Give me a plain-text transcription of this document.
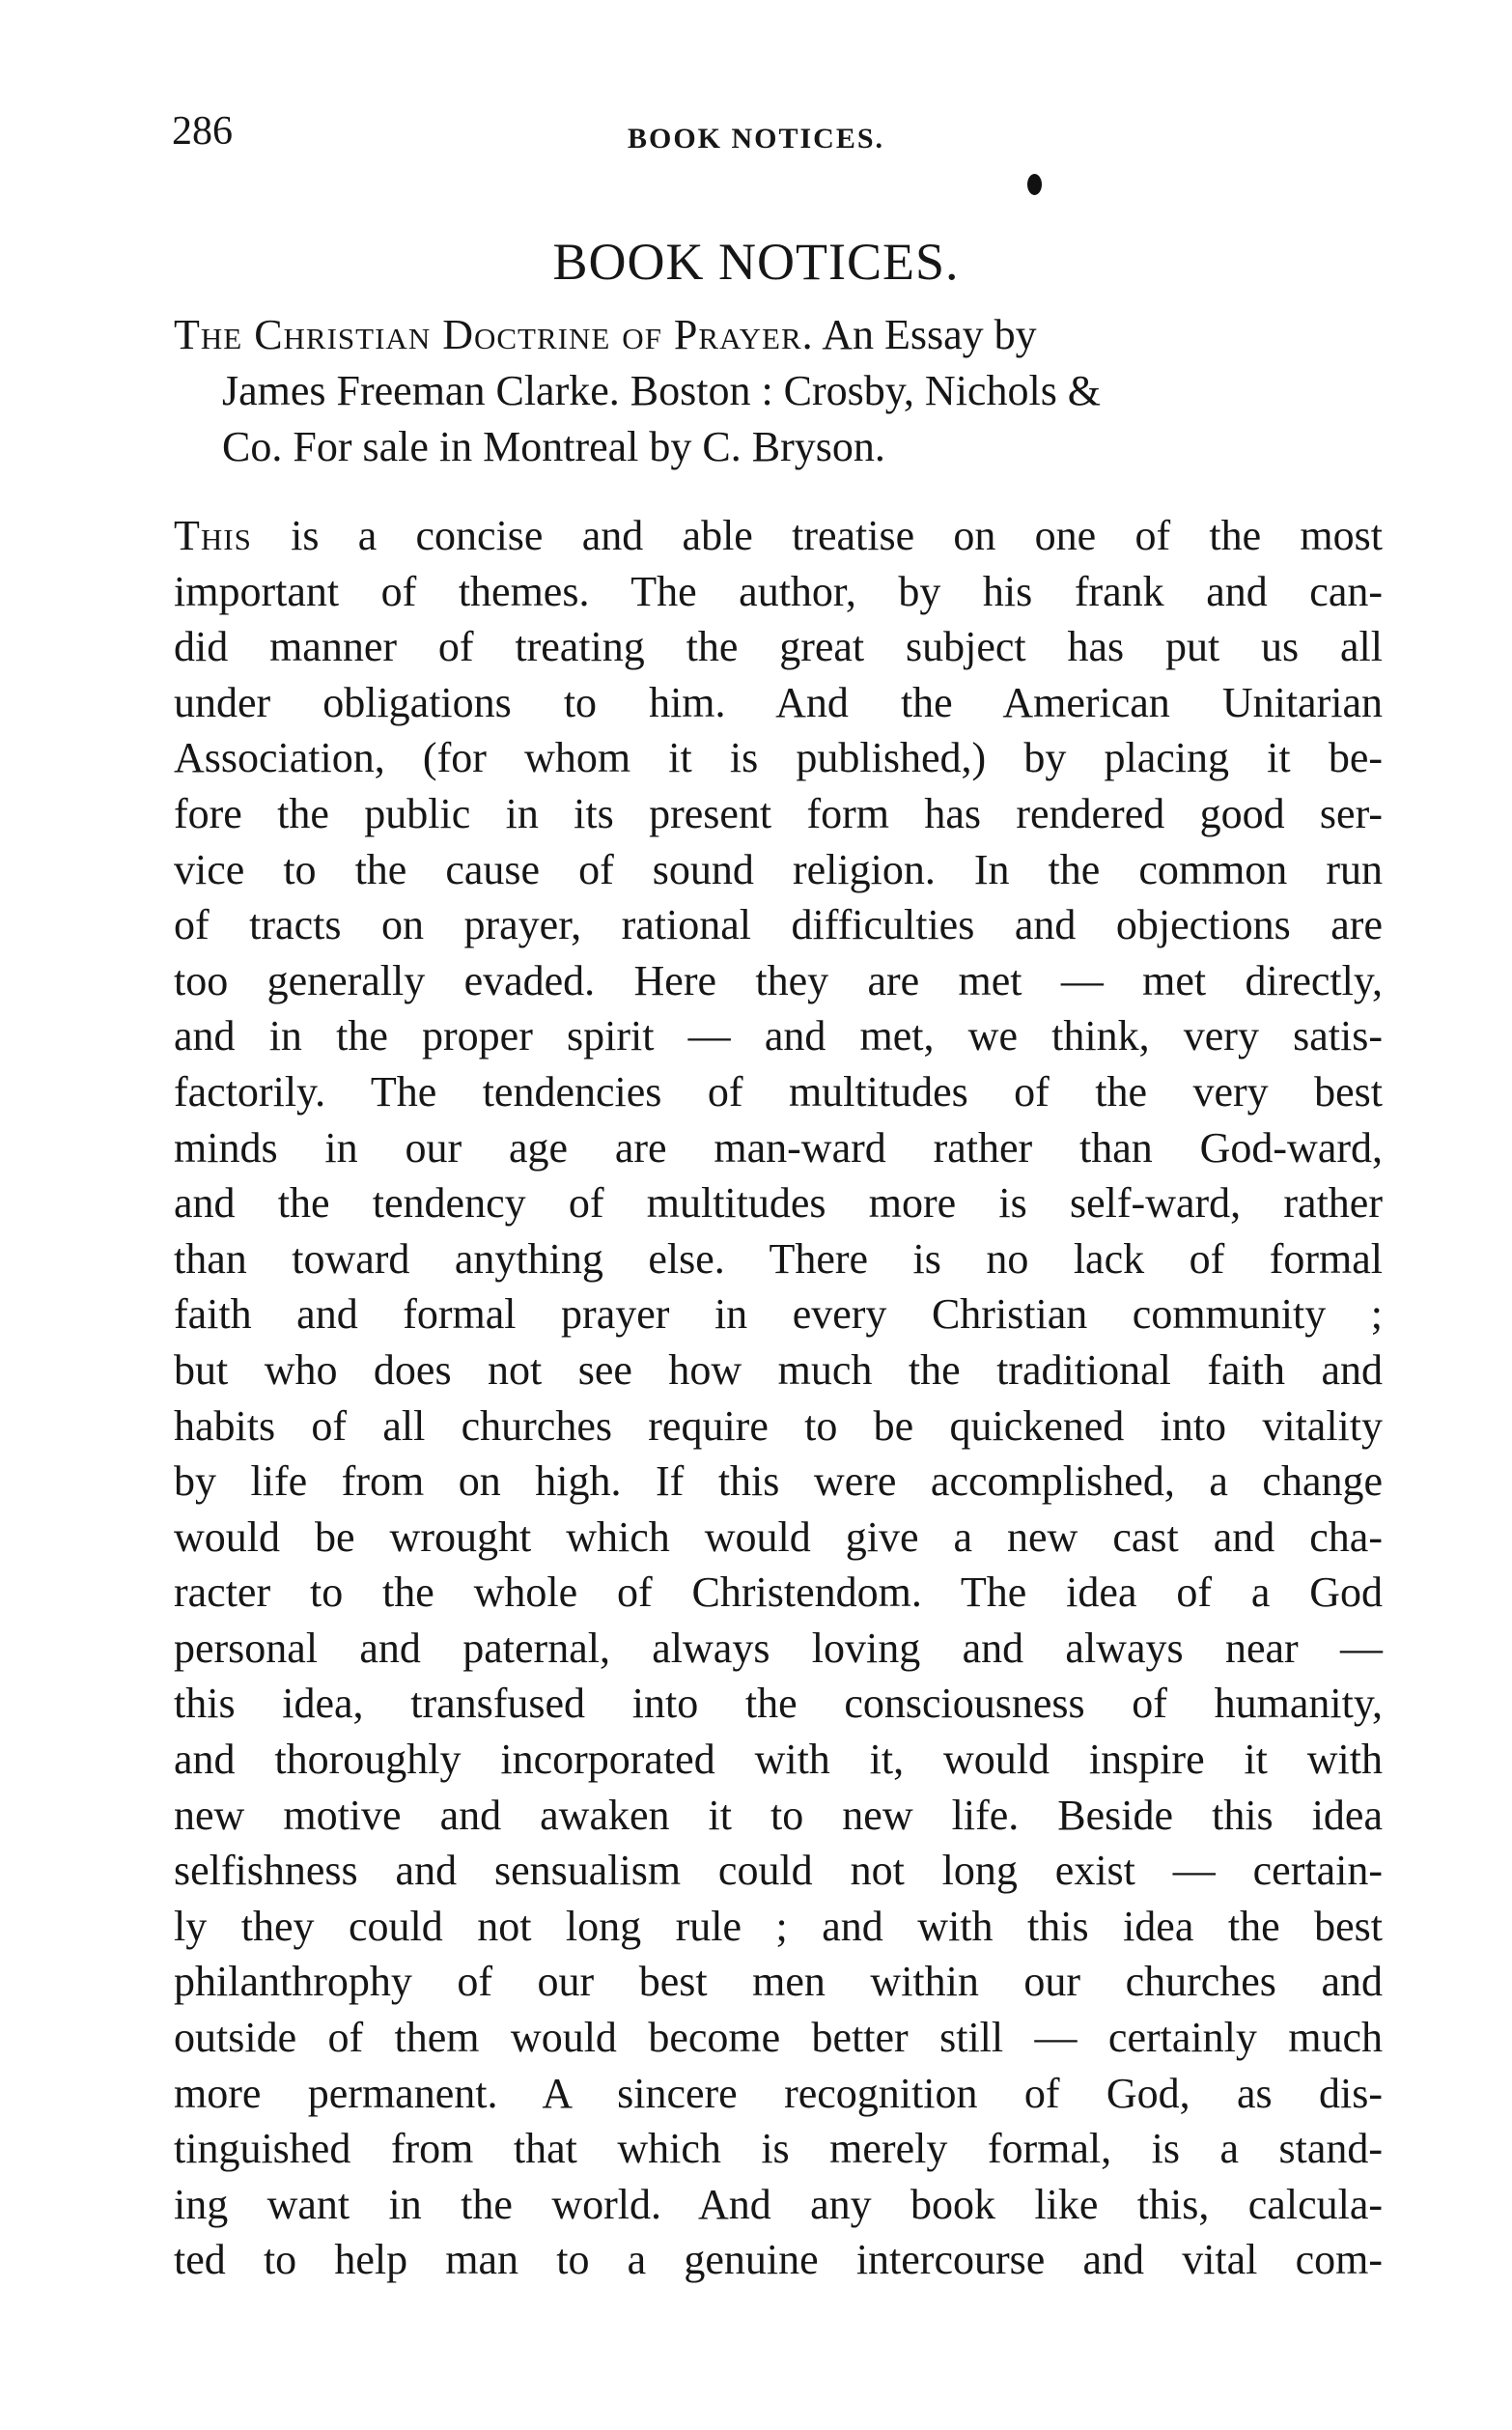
286	BOOK NOTICES.
BOOK NOTICES.
The Christian Doctrine of Prayer. An Essay by
James Freeman Clarke. Boston : Crosby, Nichols &
Co. For sale in Montreal by C. Bryson.
This is a concise and able treatise on one of the most
important of themes. The author, by his frank and can-
did manner of treating the great subject has put us all
under obligations to him. And the American Unitarian
Association, (for whom it is published,) by placing it be-
fore the public in its present form has rendered good ser-
vice to the cause of sound religion. In the common run
of tracts on prayer, rational difficulties and objections are
too generally evaded. Here they are met — met directly,
and in the proper spirit — and met, we think, very satis-
factorily. The tendencies of multitudes of the very best
minds in our age are man-ward rather than God-ward,
and the tendency of multitudes more is self-ward, rather
than toward anything else. There is no lack of formal
faith and formal prayer in every Christian community ;
but who does not see how much the traditional faith and
habits of all churches require to be quickened into vitality
by life from on high. If this were accomplished, a change
would be wrought which would give a new cast and cha-
racter to the whole of Christendom. The idea of a God
personal and paternal, always loving and always near —
this idea, transfused into the consciousness of humanity,
and thoroughly incorporated with it, would inspire it with
new motive and awaken it to new life. Beside this idea
selfishness and sensualism could not long exist — certain-
ly they could not long rule ; and with this idea the best
philanthrophy of our best men within our churches and
outside of them would become better still — certainly much
more permanent. A sincere recognition of God, as dis-
tinguished from that which is merely formal, is a stand-
ing want in the world. And any book like this, calcula-
ted to help man to a genuine intercourse and vital com-
